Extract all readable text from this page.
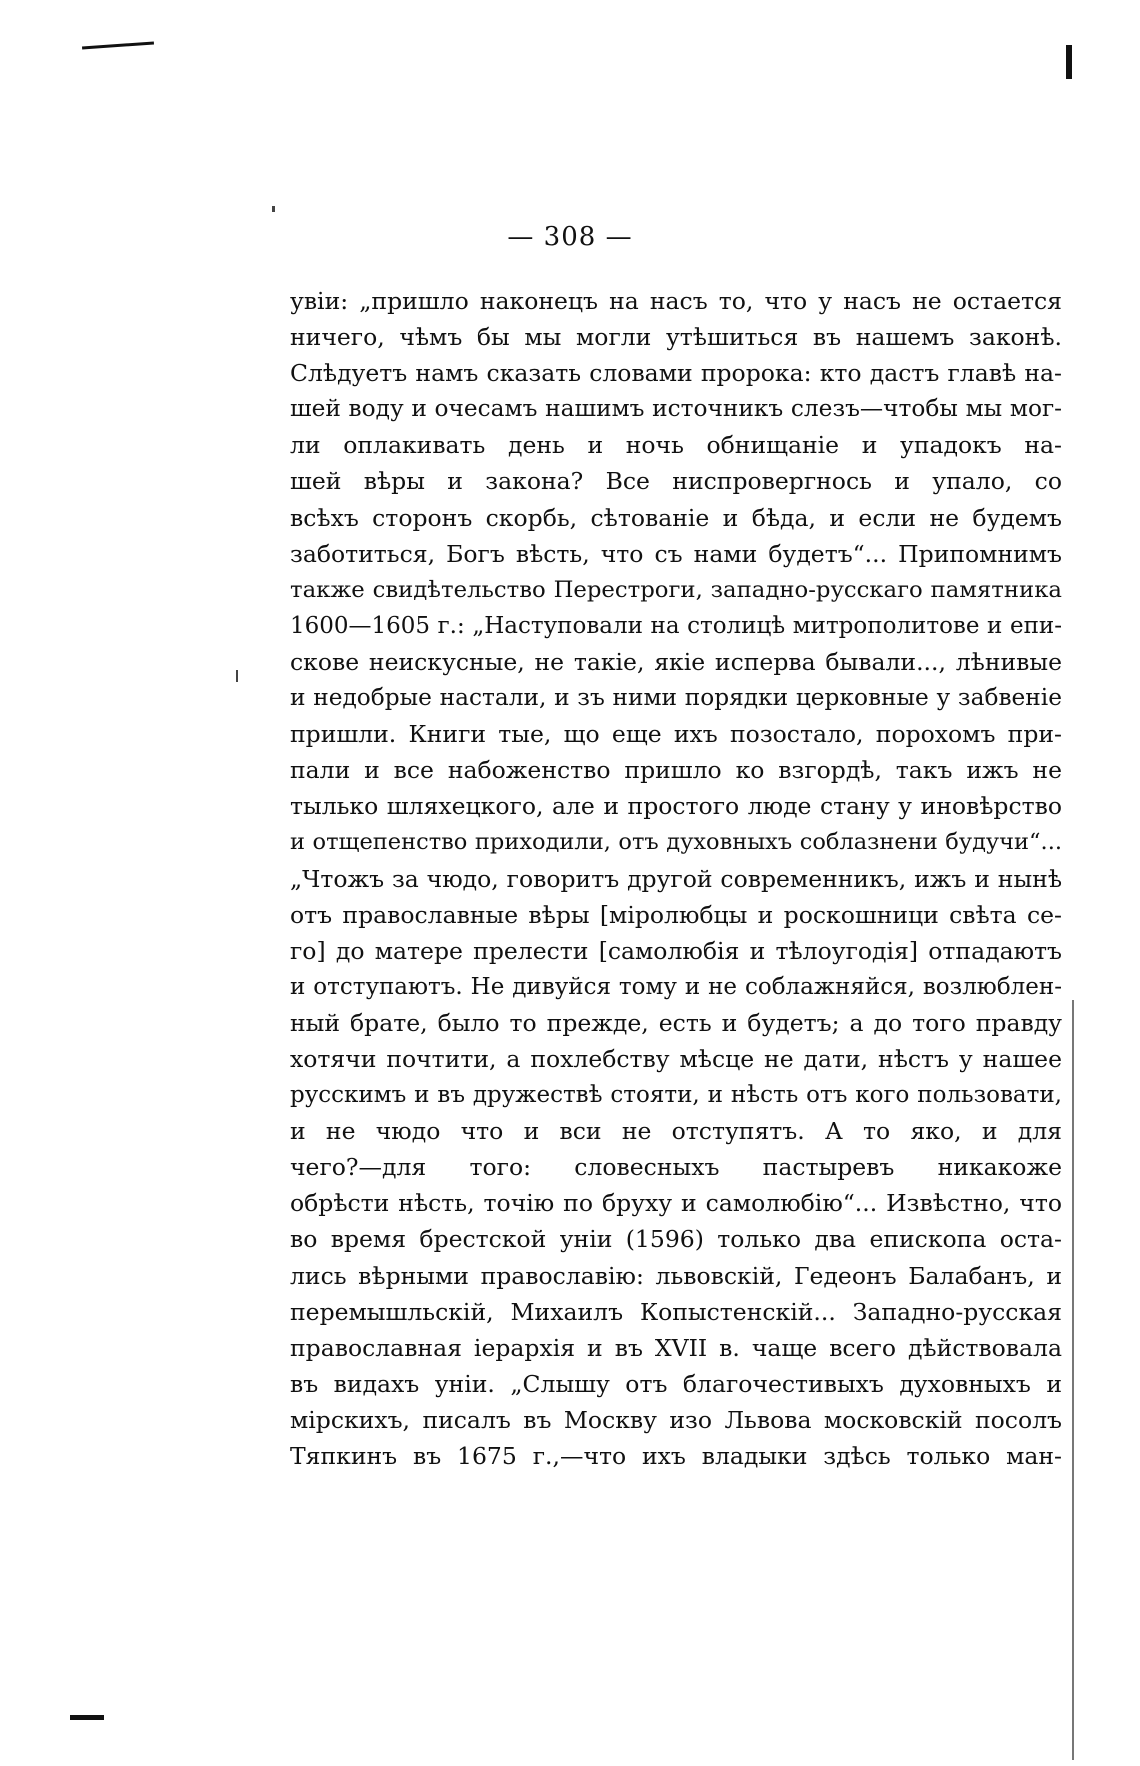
— 308 —
увiи: „пришло наконецъ на насъ то, что у насъ не остается
ничего, чѣмъ бы мы могли утѣшиться въ нашемъ законѣ.
Слѣдуетъ намъ сказать словами пророка: кто дастъ главѣ на-
шей воду и очесамъ нашимъ источникъ слезъ—чтобы мы мог-
ли оплакивать день и ночь обнищанiе и упадокъ на-
шей вѣры и закона? Все ниспровергнось и упало, со
всѣхъ сторонъ скорбь, сѣтованiе и бѣда, и если не будемъ
заботиться, Богъ вѣсть, что съ нами будетъ“... Припомнимъ
также свидѣтельство Перестроги, западно-русскаго памятника
1600—1605 г.: „Наступовали на столицѣ митрополитове и епи-
скове неискусные, не такiе, якiе исперва бывали..., лѣнивые
и недобрые настали, и зъ ними порядки церковные у забвенiе
пришли. Книги тые, що еще ихъ позостало, порохомъ при-
пали и все набоженство пришло ко взгордѣ, такъ ижъ не
тылько шляхецкого, але и простого люде стану у иновѣрство
и отщепенство приходили, отъ духовныхъ соблазнени будучи“...
„Чтожъ за чюдо, говоритъ другой современникъ, ижъ и нынѣ
отъ православные вѣры [мiролюбцы и роскошници свѣта се-
го] до матере прелести [самолюбiя и тѣлоугодiя] отпадаютъ
и отступаютъ. Не дивуйся тому и не соблажняйся, возлюблен-
ный брате, было то прежде, есть и будетъ; а до того правду
хотячи почтити, а похлебству мѣсце не дати, нѣстъ у нашее
русскимъ и въ дружествѣ стояти, и нѣсть отъ кого пользовати,
и не чюдо что и вси не отступятъ. А то яко, и для
чего?—для того: словесныхъ пастыревъ никакоже
обрѣсти нѣсть, точiю по бруху и самолюбiю“... Извѣстно, что
во время брестской унiи (1596) только два епископа оста-
лись вѣрными православiю: львовскiй, Гедеонъ Балабанъ, и
перемышльскiй, Михаилъ Копыстенскiй... Западно-русская
православная iерархiя и въ XVII в. чаще всего дѣйствовала
въ видахъ унiи. „Слышу отъ благочестивыхъ духовныхъ и
мiрскихъ, писалъ въ Москву изо Львова московскiй посолъ
Тяпкинъ въ 1675 г.,—что ихъ владыки здѣсь только ман-
